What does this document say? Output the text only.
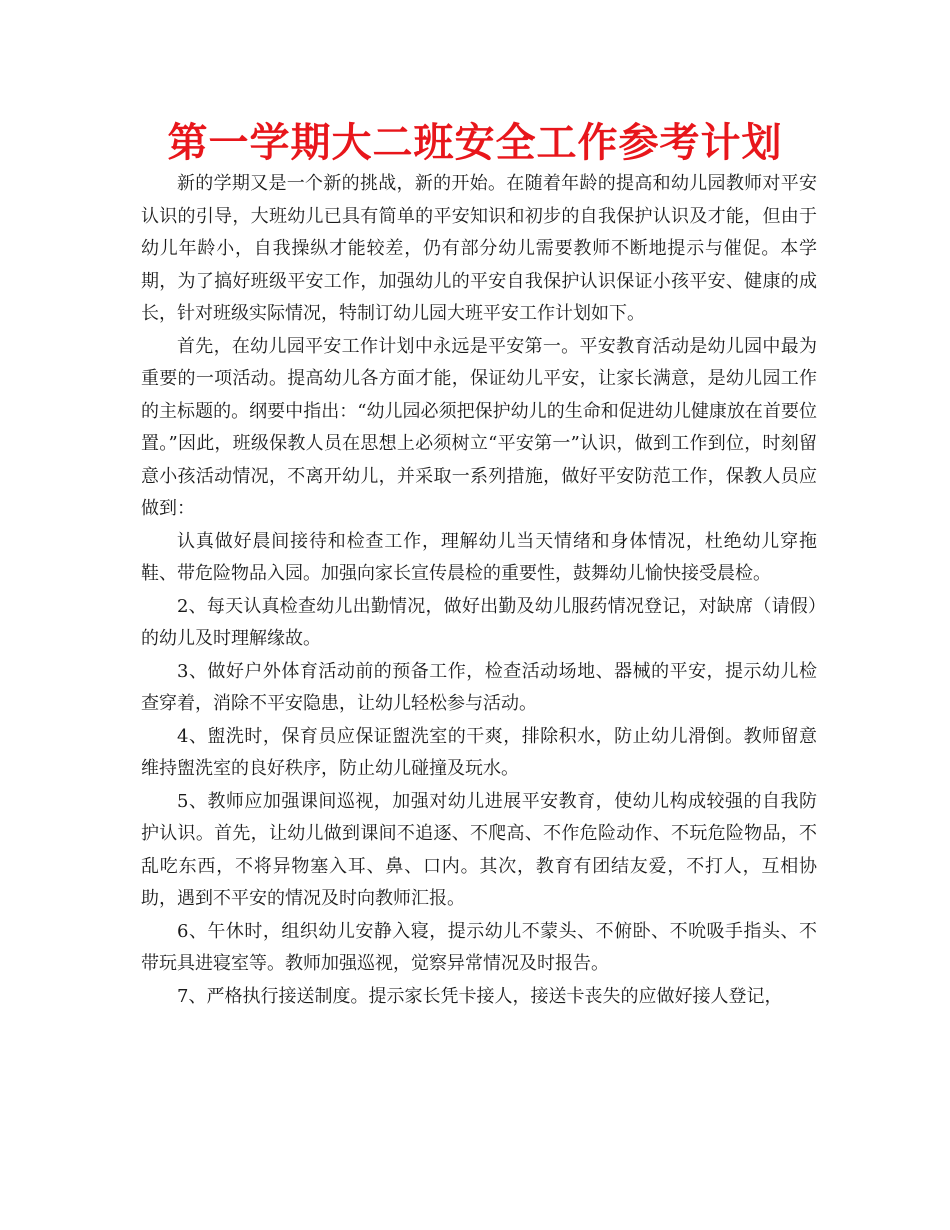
第一学期大二班安全工作参考计划

新的学期又是一个新的挑战，新的开始。在随着年龄的提高和幼儿园教师对平安认识的引导，大班幼儿已具有简单的平安知识和初步的自我保护认识及才能，但由于幼儿年龄小，自我操纵才能较差，仍有部分幼儿需要教师不断地提示与催促。本学期，为了搞好班级平安工作，加强幼儿的平安自我保护认识保证小孩平安、健康的成长，针对班级实际情况，特制订幼儿园大班平安工作计划如下。

首先，在幼儿园平安工作计划中永远是平安第一。平安教育活动是幼儿园中最为重要的一项活动。提高幼儿各方面才能，保证幼儿平安，让家长满意，是幼儿园工作的主标题的。纲要中指出：“幼儿园必须把保护幼儿的生命和促进幼儿健康放在首要位置。”因此，班级保教人员在思想上必须树立“平安第一”认识，做到工作到位，时刻留意小孩活动情况，不离开幼儿，并采取一系列措施，做好平安防范工作，保教人员应做到：

认真做好晨间接待和检查工作，理解幼儿当天情绪和身体情况，杜绝幼儿穿拖鞋、带危险物品入园。加强向家长宣传晨检的重要性，鼓舞幼儿愉快接受晨检。

2、每天认真检查幼儿出勤情况，做好出勤及幼儿服药情况登记，对缺席（请假）的幼儿及时理解缘故。

3、做好户外体育活动前的预备工作，检查活动场地、器械的平安，提示幼儿检查穿着，消除不平安隐患，让幼儿轻松参与活动。

4、盥洗时，保育员应保证盥洗室的干爽，排除积水，防止幼儿滑倒。教师留意维持盥洗室的良好秩序，防止幼儿碰撞及玩水。

5、教师应加强课间巡视，加强对幼儿进展平安教育，使幼儿构成较强的自我防护认识。首先，让幼儿做到课间不追逐、不爬高、不作危险动作、不玩危险物品，不乱吃东西，不将异物塞入耳、鼻、口内。其次，教育有团结友爱，不打人，互相协助，遇到不平安的情况及时向教师汇报。

6、午休时，组织幼儿安静入寝，提示幼儿不蒙头、不俯卧、不吮吸手指头、不带玩具进寝室等。教师加强巡视，觉察异常情况及时报告。

7、严格执行接送制度。提示家长凭卡接人，接送卡丧失的应做好接人登记，
